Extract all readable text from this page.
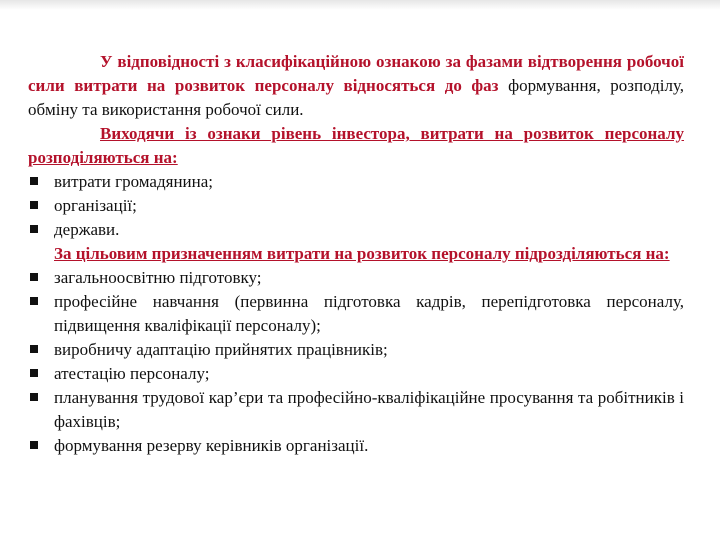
У відповідності з класифікаційною ознакою за фазами відтворення робочої сили витрати на розвиток персоналу відносяться до фаз формування, розподілу, обміну та використання робочої сили.

Виходячи із ознаки рівень інвестора, витрати на розвиток персоналу розподіляються на:

витрати громадянина;
організації;
держави.

За цільовим призначенням витрати на розвиток персоналу підрозділяються на:

загальноосвітню підготовку;
професійне навчання (первинна підготовка кадрів, перепідготовка персоналу, підвищення кваліфікації персоналу);
виробничу адаптацію прийнятих працівників;
атестацію персоналу;
планування трудової кар’єри та професійно-кваліфікаційне просування та робітників і фахівців;
формування резерву керівників організації.
